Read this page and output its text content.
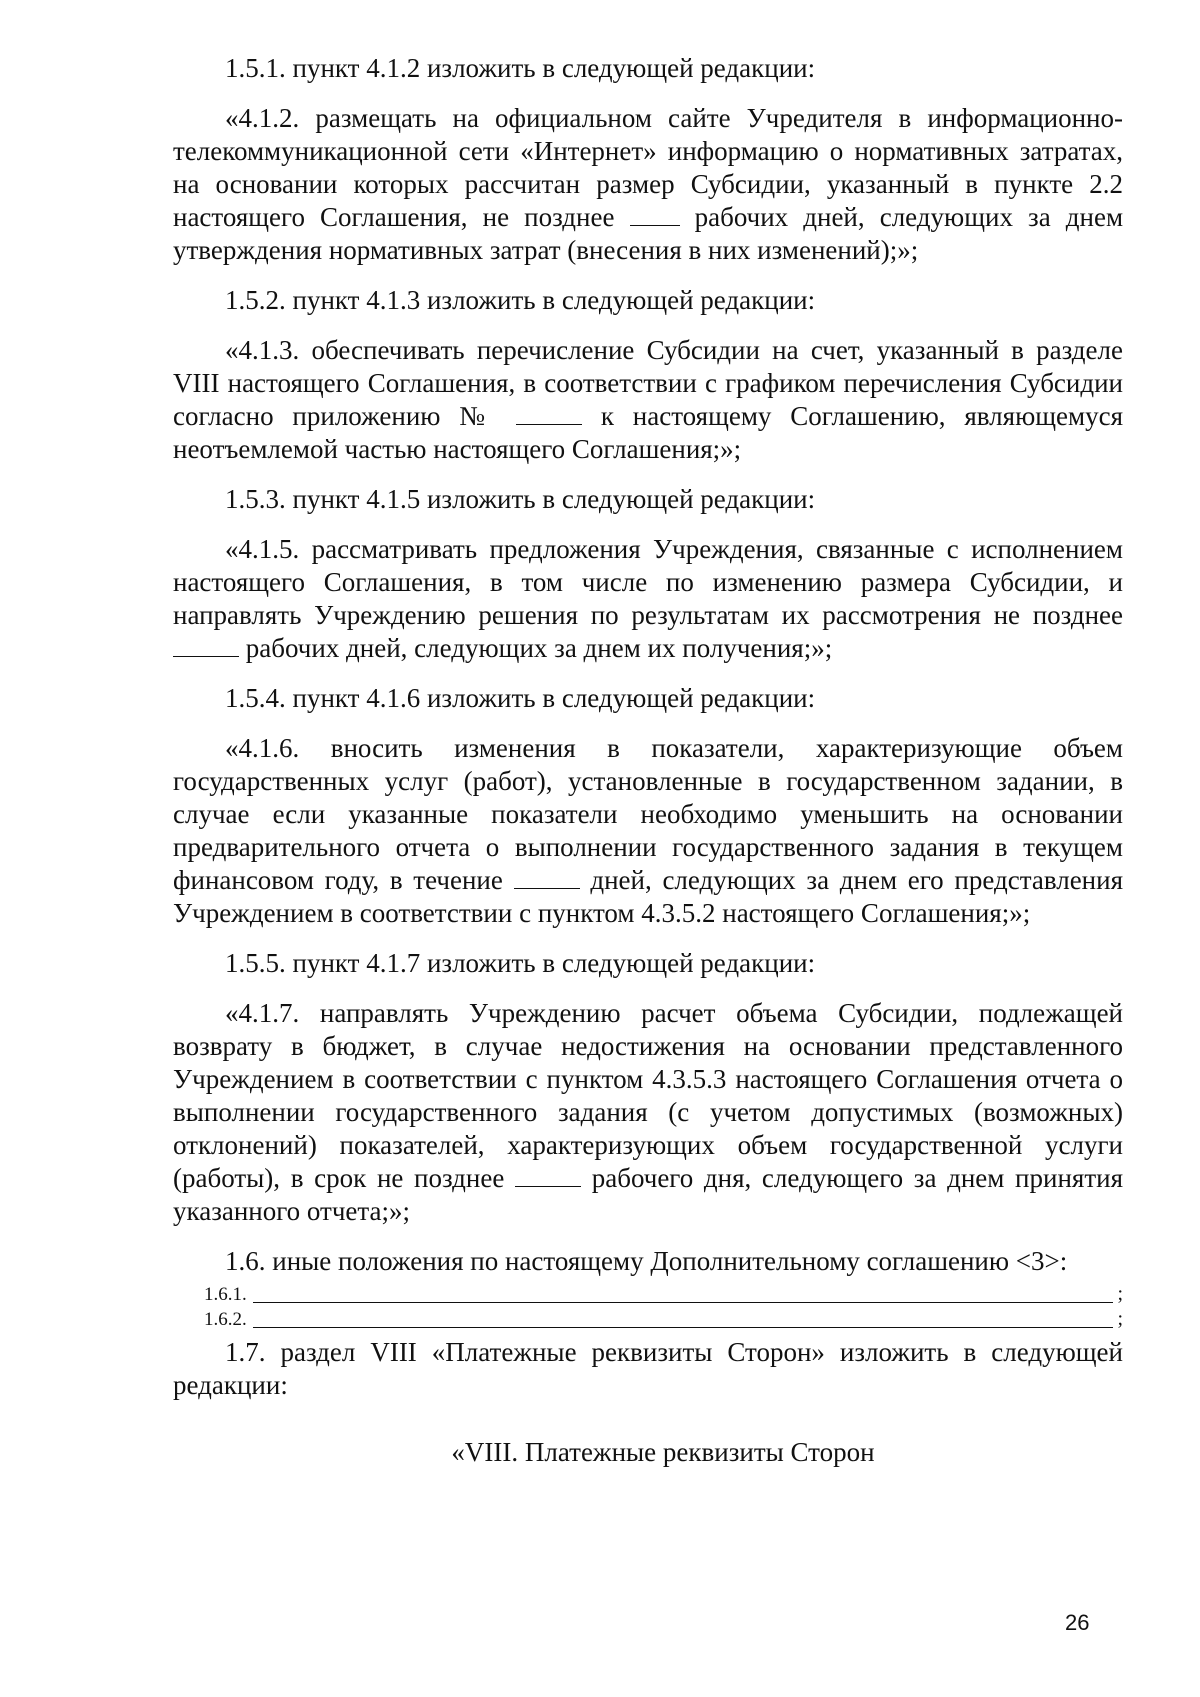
1.5.1. пункт 4.1.2 изложить в следующей редакции:

«4.1.2. размещать на официальном сайте Учредителя в информационно-телекоммуникационной сети «Интернет» информацию о нормативных затратах, на основании которых рассчитан размер Субсидии, указанный в пункте 2.2 настоящего Соглашения, не позднее	рабочих дней, следующих за днем утверждения нормативных затрат (внесения в них изменений);»;

1.5.2. пункт 4.1.3 изложить в следующей редакции:

«4.1.3. обеспечивать перечисление Субсидии на счет, указанный в разделе VIII настоящего Соглашения, в соответствии с графиком перечисления Субсидии согласно приложению №	к настоящему Соглашению, являющемуся неотъемлемой частью настоящего Соглашения;»;

1.5.3. пункт 4.1.5 изложить в следующей редакции:

«4.1.5. рассматривать предложения Учреждения, связанные с исполнением настоящего Соглашения, в том числе по изменению размера Субсидии, и направлять Учреждению решения по результатам их рассмотрения не позднее  рабочих дней, следующих за днем их получения;»;

1.5.4. пункт 4.1.6 изложить в следующей редакции:

«4.1.6. вносить изменения в показатели, характеризующие объем государственных услуг (работ), установленные в государственном задании, в случае если указанные показатели необходимо уменьшить на основании предварительного отчета о выполнении государственного задания в текущем финансовом году, в течение	дней, следующих за днем его представления Учреждением в соответствии с пунктом 4.3.5.2 настоящего Соглашения;»;

1.5.5. пункт 4.1.7 изложить в следующей редакции:

«4.1.7. направлять Учреждению расчет объема Субсидии, подлежащей возврату в бюджет, в случае недостижения на основании представленного Учреждением в соответствии с пунктом 4.3.5.3 настоящего Соглашения отчета о выполнении государственного задания (с учетом допустимых (возможных) отклонений) показателей, характеризующих объем государственной услуги (работы), в срок не позднее	рабочего дня, следующего за днем принятия указанного отчета;»;

1.6. иные положения по настоящему Дополнительному соглашению <3>:

1.6.1.	;
1.6.2.	;

1.7. раздел VIII «Платежные реквизиты Сторон» изложить в следующей редакции:

«VIII. Платежные реквизиты Сторон

26
